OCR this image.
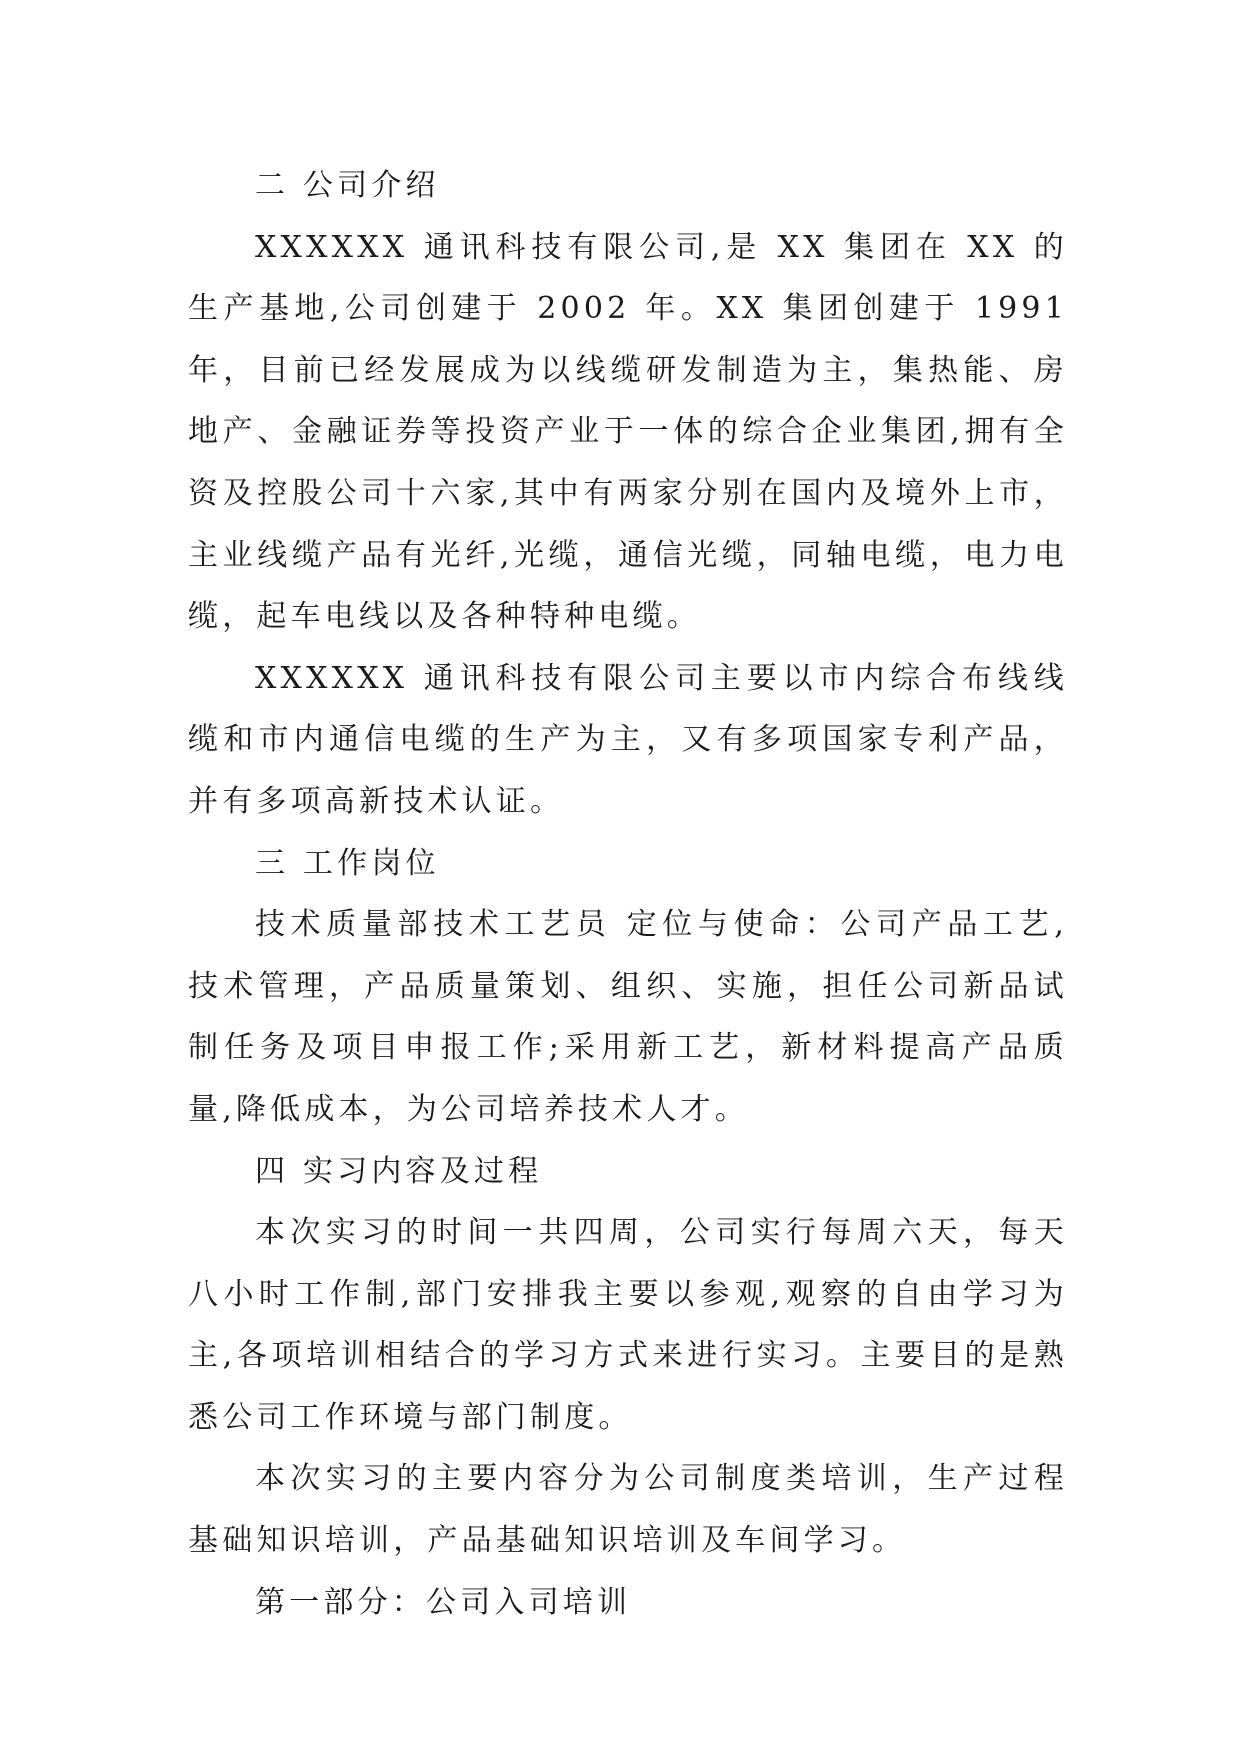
二 公司介绍

XXXXXX 通讯科技有限公司,是 XX 集团在 XX 的生产基地,公司创建于 2002 年。XX 集团创建于 1991 年，目前已经发展成为以线缆研发制造为主，集热能、房地产、金融证券等投资产业于一体的综合企业集团,拥有全资及控股公司十六家,其中有两家分别在国内及境外上市，主业线缆产品有光纤,光缆，通信光缆，同轴电缆，电力电缆，起车电线以及各种特种电缆。

XXXXXX 通讯科技有限公司主要以市内综合布线线缆和市内通信电缆的生产为主，又有多项国家专利产品，并有多项高新技术认证。

三 工作岗位

技术质量部技术工艺员 定位与使命：公司产品工艺,技术管理，产品质量策划、组织、实施，担任公司新品试制任务及项目申报工作;采用新工艺，新材料提高产品质量,降低成本，为公司培养技术人才。

四 实习内容及过程

本次实习的时间一共四周，公司实行每周六天，每天八小时工作制,部门安排我主要以参观,观察的自由学习为主,各项培训相结合的学习方式来进行实习。主要目的是熟悉公司工作环境与部门制度。

本次实习的主要内容分为公司制度类培训，生产过程基础知识培训，产品基础知识培训及车间学习。

第一部分：公司入司培训
